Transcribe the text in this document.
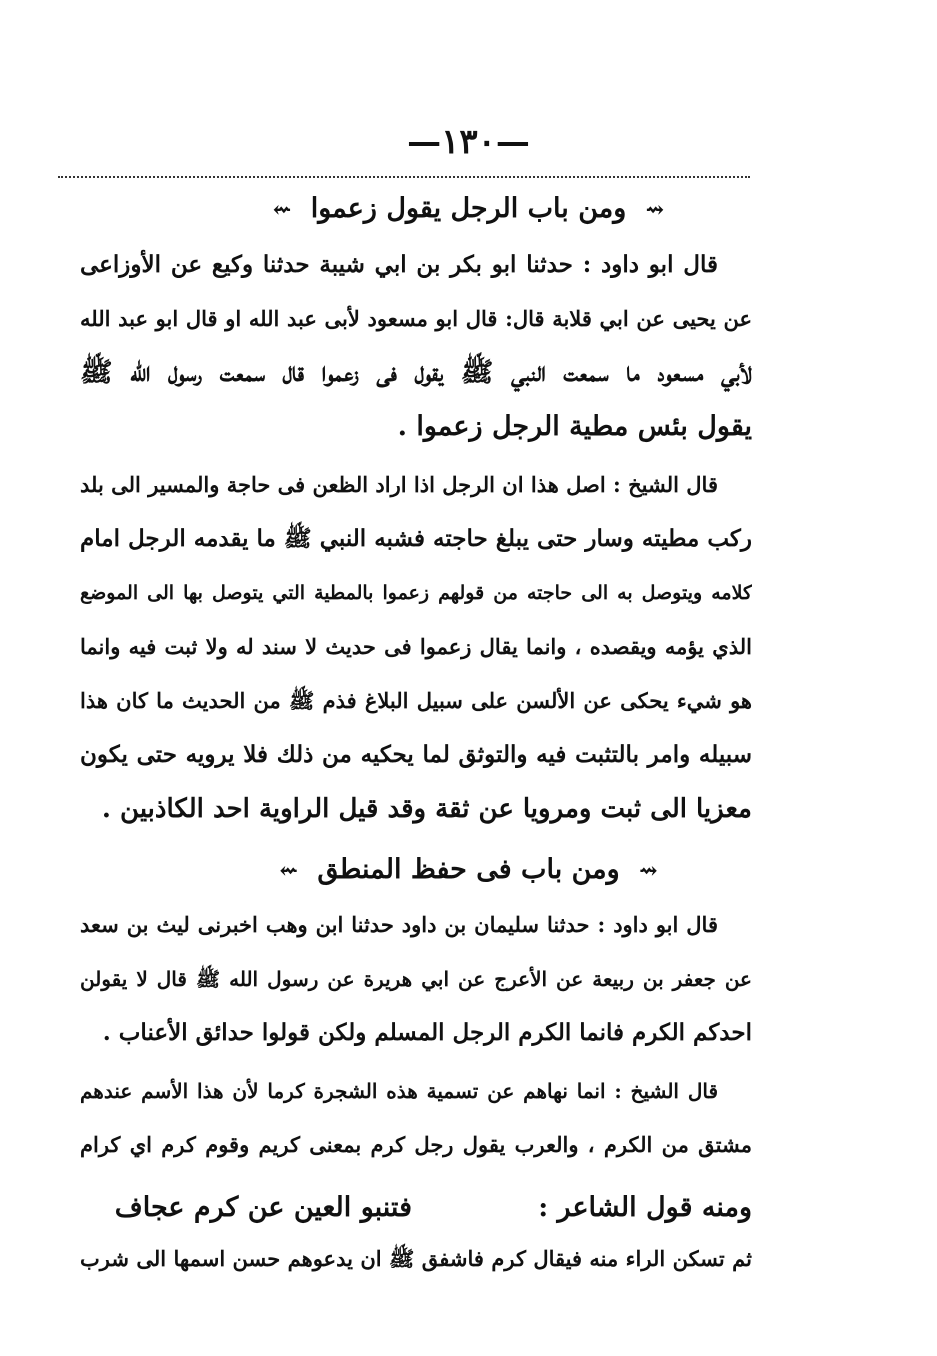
—١٣٠—
⇝ ومن باب الرجل يقول زعموا ⇜
قال ابو داود : حدثنا ابو بكر بن ابي شيبة حدثنا وكيع عن الأوزاعى
عن يحيى عن ابي قلابة قال: قال ابو مسعود لأبى عبد الله او قال ابو عبد الله
لأبي مسعود ما سمعت النبي ﷺ يقول فى زعموا قال سمعت رسول الله ﷺ
يقول بئس مطية الرجل زعموا .
قال الشيخ : اصل هذا ان الرجل اذا اراد الظعن فى حاجة والمسير الى بلد
ركب مطيته وسار حتى يبلغ حاجته فشبه النبي ﷺ ما يقدمه الرجل امام
كلامه ويتوصل به الى حاجته من قولهم زعموا بالمطية التي يتوصل بها الى الموضع
الذي يؤمه ويقصده ، وانما يقال زعموا فى حديث لا سند له ولا ثبت فيه وانما
هو شيء يحكى عن الألسن على سبيل البلاغ فذم ﷺ من الحديث ما كان هذا
سبيله وامر بالتثبت فيه والتوثق لما يحكيه من ذلك فلا يرويه حتى يكون
معزيا الى ثبت ومرويا عن ثقة وقد قيل الراوية احد الكاذبين .
⇝ ومن باب فى حفظ المنطق ⇜
قال ابو داود : حدثنا سليمان بن داود حدثنا ابن وهب اخبرنى ليث بن سعد
عن جعفر بن ربيعة عن الأعرج عن ابي هريرة عن رسول الله ﷺ قال لا يقولن
احدكم الكرم فانما الكرم الرجل المسلم ولكن قولوا حدائق الأعناب .
قال الشيخ : انما نهاهم عن تسمية هذه الشجرة كرما لأن هذا الأسم عندهم
مشتق من الكرم ، والعرب يقول رجل كرم بمعنى كريم وقوم كرم اي كرام
ومنه قول الشاعر :
فتنبو العين عن كرم عجاف
ثم تسكن الراء منه فيقال كرم فاشفق ﷺ ان يدعوهم حسن اسمها الى شرب
